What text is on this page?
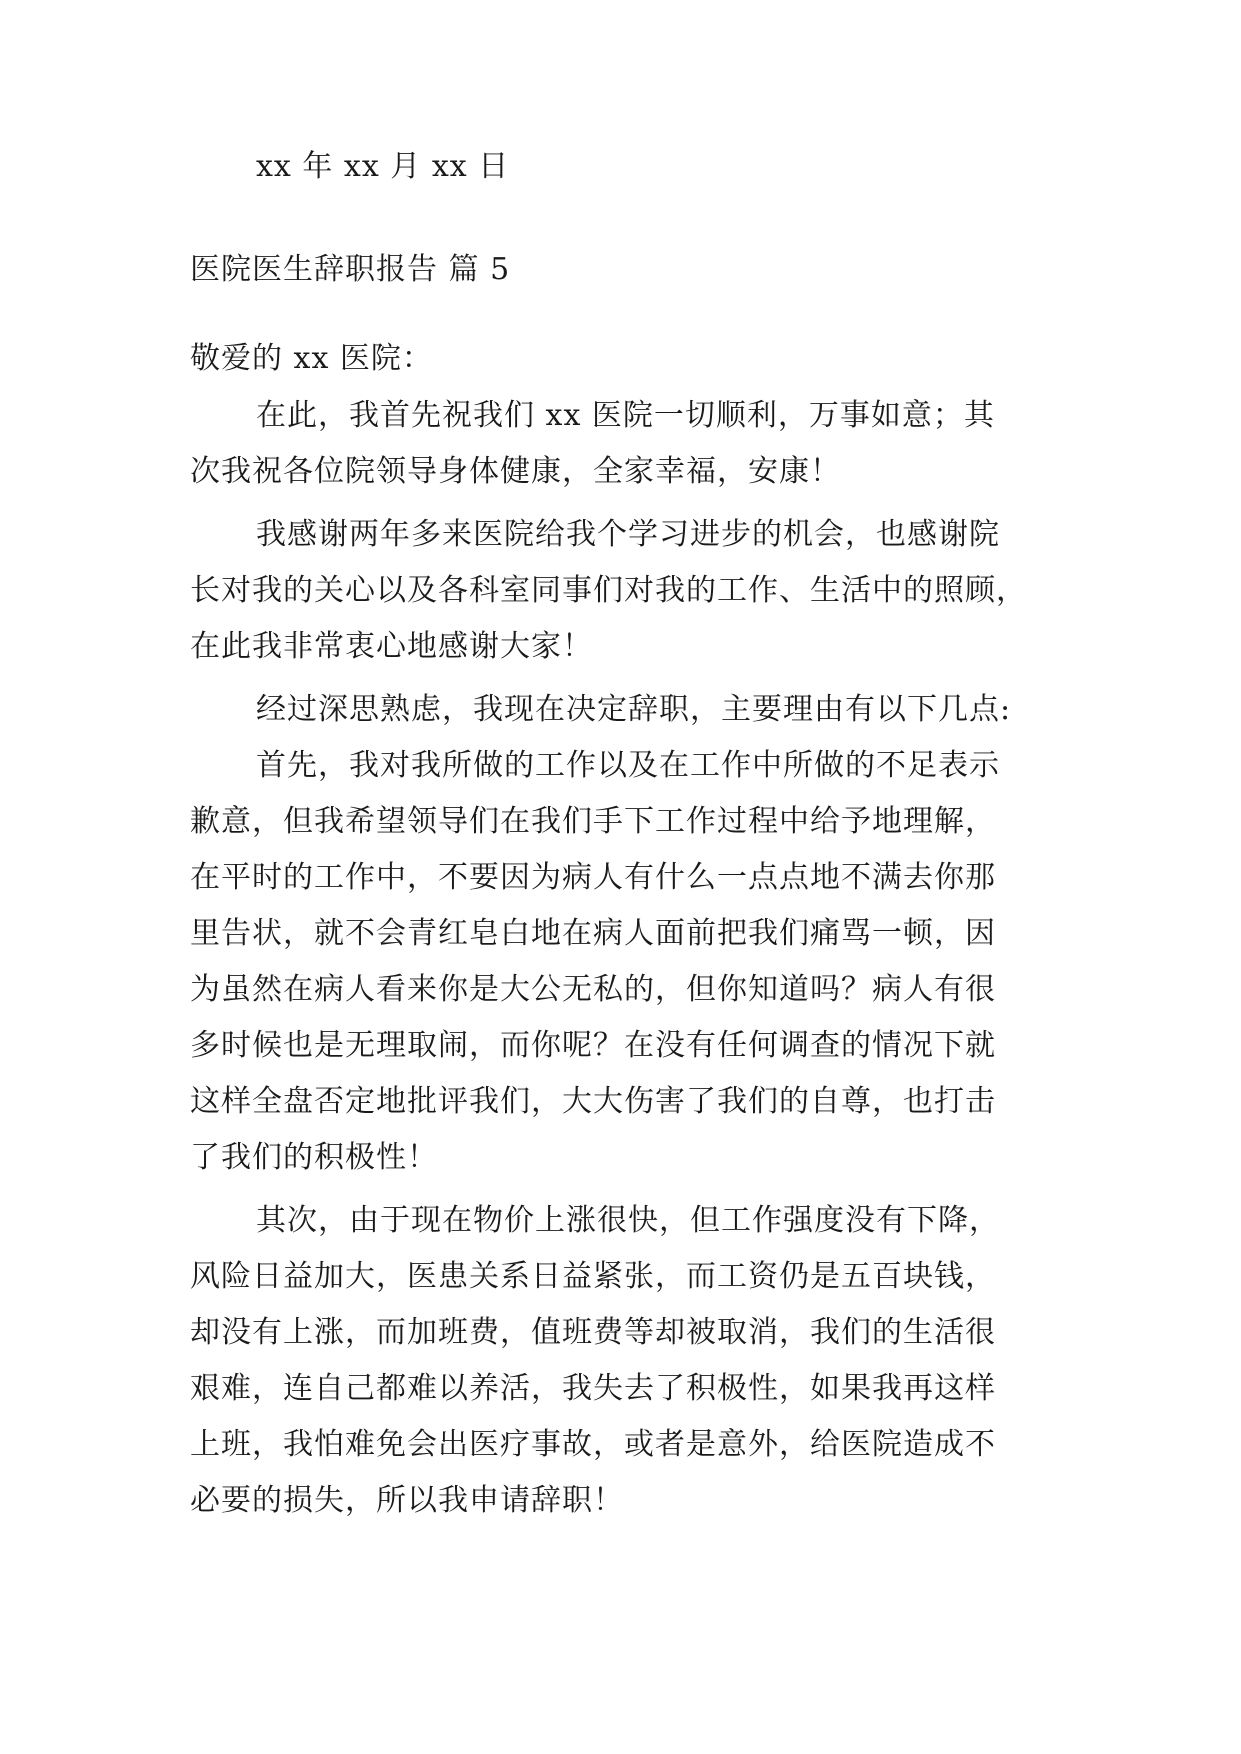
xx 年 xx 月 xx 日

医院医生辞职报告 篇 5

敬爱的 xx 医院：

在此，我首先祝我们 xx 医院一切顺利，万事如意；其

次我祝各位院领导身体健康，全家幸福，安康！

我感谢两年多来医院给我个学习进步的机会，也感谢院

长对我的关心以及各科室同事们对我的工作、生活中的照顾，

在此我非常衷心地感谢大家！

经过深思熟虑，我现在决定辞职，主要理由有以下几点:

首先，我对我所做的工作以及在工作中所做的不足表示

歉意，但我希望领导们在我们手下工作过程中给予地理解，

在平时的工作中，不要因为病人有什么一点点地不满去你那

里告状，就不会青红皂白地在病人面前把我们痛骂一顿，因

为虽然在病人看来你是大公无私的，但你知道吗？病人有很

多时候也是无理取闹，而你呢？在没有任何调查的情况下就

这样全盘否定地批评我们，大大伤害了我们的自尊，也打击

了我们的积极性！

其次，由于现在物价上涨很快，但工作强度没有下降，

风险日益加大，医患关系日益紧张，而工资仍是五百块钱，

却没有上涨，而加班费，值班费等却被取消，我们的生活很

艰难，连自己都难以养活，我失去了积极性，如果我再这样

上班，我怕难免会出医疗事故，或者是意外，给医院造成不

必要的损失，所以我申请辞职！
